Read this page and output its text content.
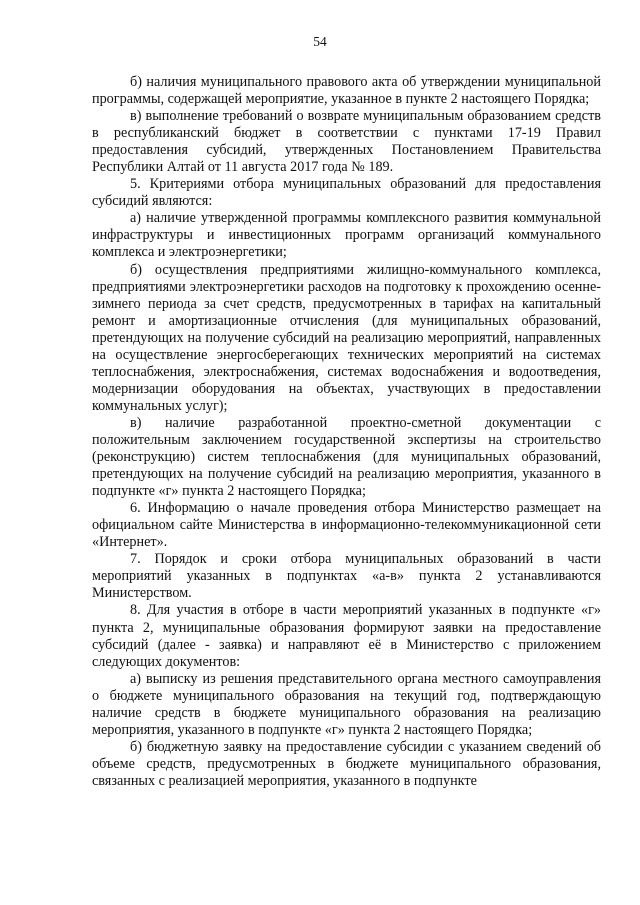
54

б) наличия муниципального правового акта об утверждении муниципальной программы, содержащей мероприятие, указанное в пункте 2 настоящего Порядка;

в) выполнение требований о возврате муниципальным образованием средств в республиканский бюджет в соответствии с пунктами 17-19 Правил предоставления субсидий, утвержденных Постановлением Правительства Республики Алтай от 11 августа 2017 года № 189.

5. Критериями отбора муниципальных образований для предоставления субсидий являются:

а) наличие утвержденной программы комплексного развития коммунальной инфраструктуры и инвестиционных программ организаций коммунального комплекса и электроэнергетики;

б) осуществления предприятиями жилищно-коммунального комплекса, предприятиями электроэнергетики расходов на подготовку к прохождению осенне-зимнего периода за счет средств, предусмотренных в тарифах на капитальный ремонт и амортизационные отчисления (для муниципальных образований, претендующих на получение субсидий на реализацию мероприятий, направленных на осуществление энергосберегающих технических мероприятий на системах теплоснабжения, электроснабжения, системах водоснабжения и водоотведения, модернизации оборудования на объектах, участвующих в предоставлении коммунальных услуг);

в) наличие разработанной проектно-сметной документации с положительным заключением государственной экспертизы на строительство (реконструкцию) систем теплоснабжения (для муниципальных образований, претендующих на получение субсидий на реализацию мероприятия, указанного в подпункте «г» пункта 2 настоящего Порядка;

6. Информацию о начале проведения отбора Министерство размещает на официальном сайте Министерства в информационно-телекоммуникационной сети «Интернет».

7. Порядок и сроки отбора муниципальных образований в части мероприятий указанных в подпунктах «а-в» пункта 2 устанавливаются Министерством.

8. Для участия в отборе в части мероприятий указанных в подпункте «г» пункта 2, муниципальные образования формируют заявки на предоставление субсидий (далее - заявка) и направляют её в Министерство с приложением следующих документов:

а) выписку из решения представительного органа местного самоуправления о бюджете муниципального образования на текущий год, подтверждающую наличие средств в бюджете муниципального образования на реализацию мероприятия, указанного в подпункте «г» пункта 2 настоящего Порядка;

б) бюджетную заявку на предоставление субсидии с указанием сведений об объеме средств, предусмотренных в бюджете муниципального образования, связанных с реализацией мероприятия, указанного в подпункте
